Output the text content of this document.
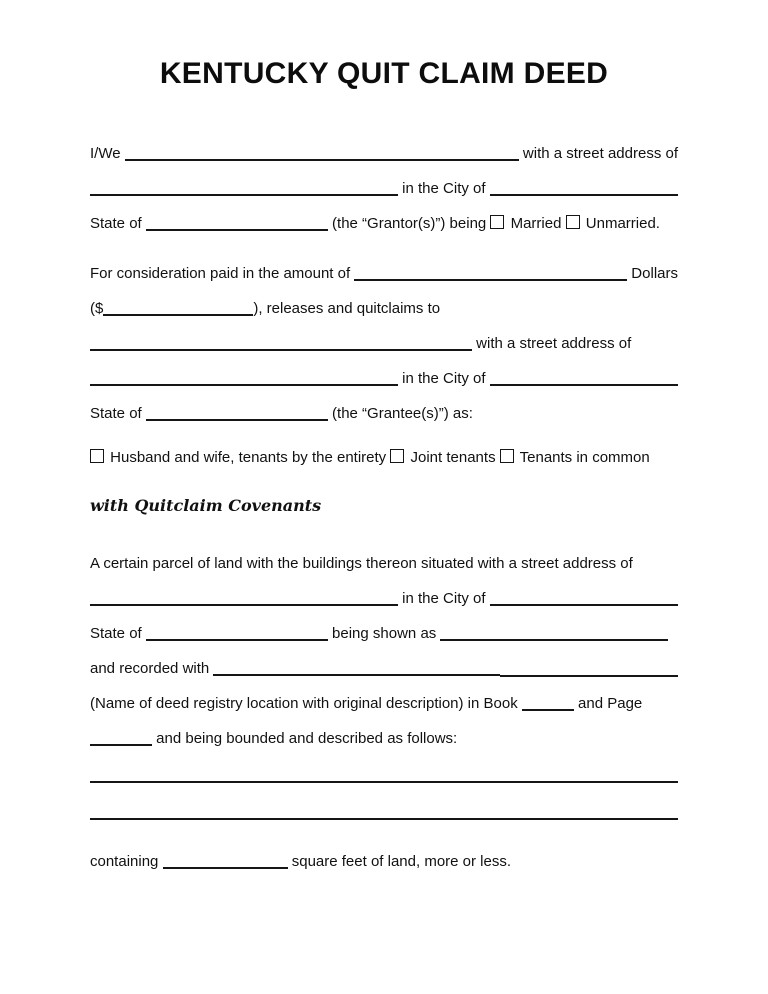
KENTUCKY QUIT CLAIM DEED
​ I/We	with a street address of
​  in the City of
​ State of	(the “Grantor(s)”) being Married Unmarried.
​ For consideration paid in the amount of	Dollars
​ ($	), releases and quitclaims to
​  with a street address of
​  in the City of
​ State of	(the “Grantee(s)”) as:
​  Husband and wife, tenants by the entirety Joint tenants Tenants in common
​ with Quitclaim Covenants
​ A certain parcel of land with the buildings thereon situated with a street address of
​  in the City of
​ State of	being shown as
​ and recorded with
​ (Name of deed registry location with original description) in Book	and Page
​  and being bounded and described as follows:
​
​
​ containing	square feet of land, more or less.
